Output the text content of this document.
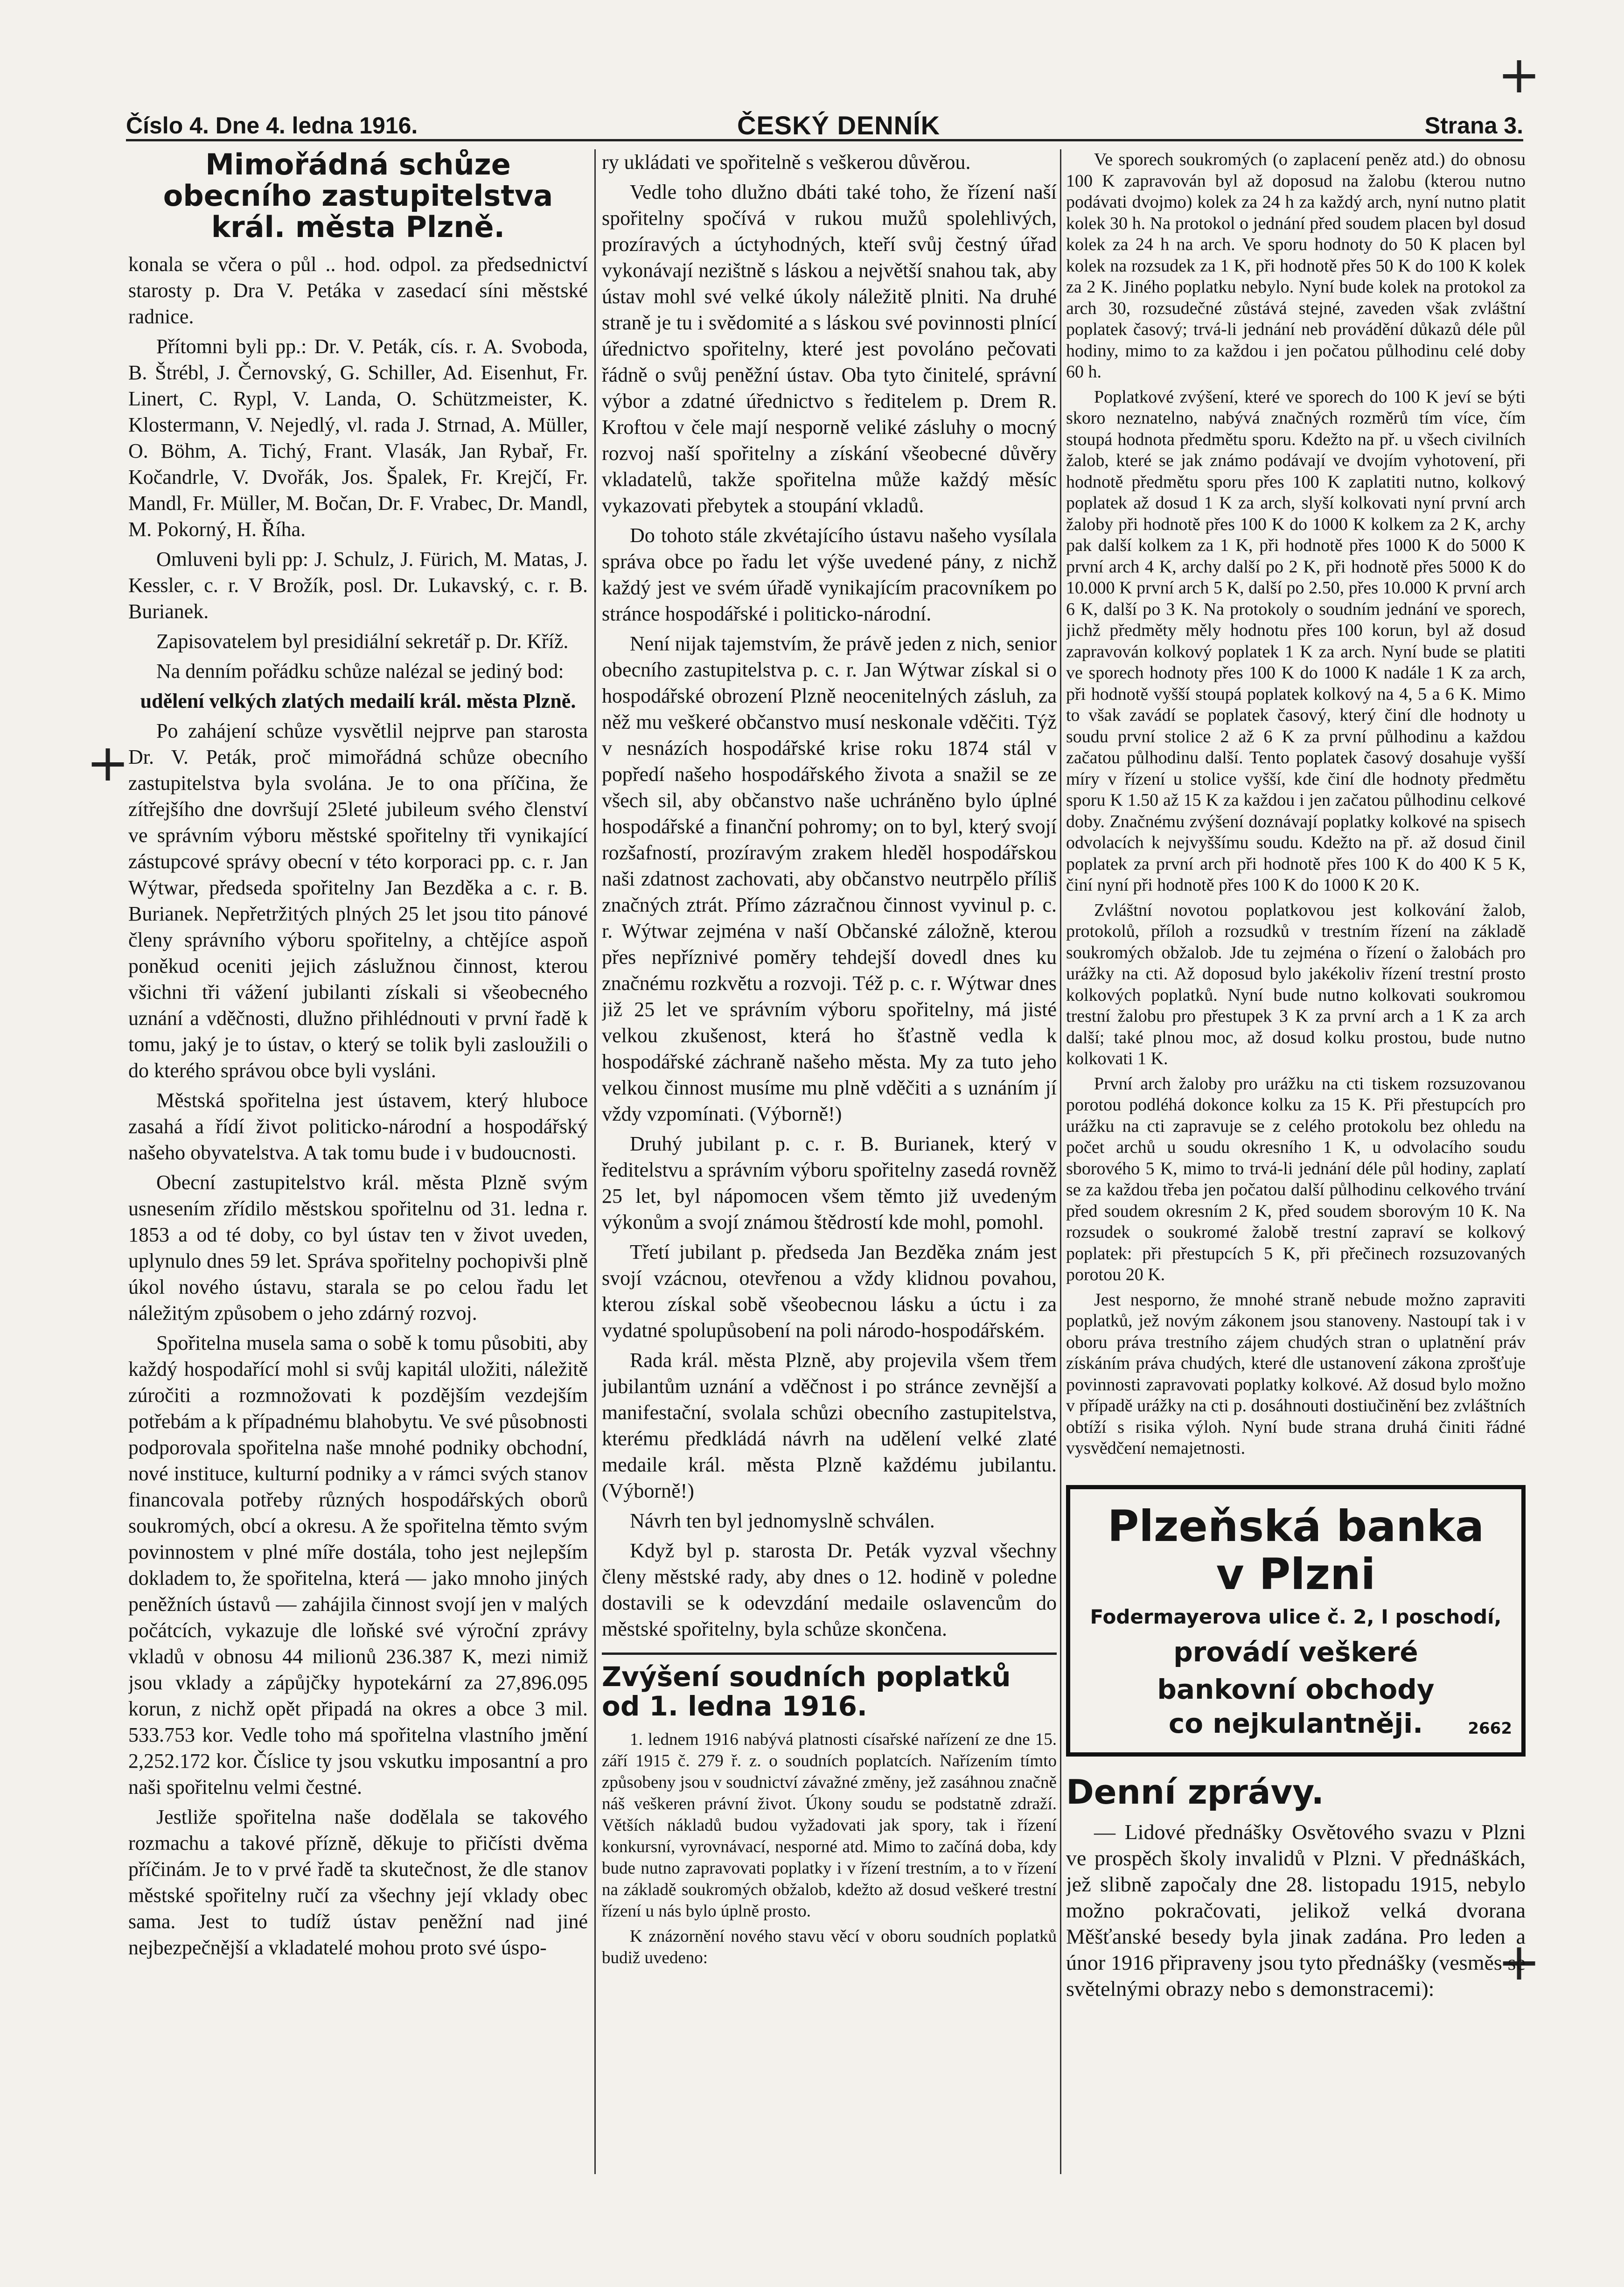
+
+
+
Číslo 4. Dne 4. ledna 1916.	ČESKÝ DENNÍK	Strana 3.
Mimořádná schůze obecního zastupitelstva král. města Plzně.

konala se včera o půl .. hod. odpol. za předsednictví starosty p. Dra V. Petáka v zasedací síni městské radnice.

Přítomni byli pp.: Dr. V. Peták, cís. r. A. Svoboda, B. Štrébl, J. Černovský, G. Schiller, Ad. Eisenhut, Fr. Linert, C. Rypl, V. Landa, O. Schützmeister, K. Klostermann, V. Nejedlý, vl. rada J. Strnad, A. Müller, O. Böhm, A. Tichý, Frant. Vlasák, Jan Rybař, Fr. Kočandrle, V. Dvořák, Jos. Špalek, Fr. Krejčí, Fr. Mandl, Fr. Müller, M. Bočan, Dr. F. Vrabec, Dr. Mandl, M. Pokorný, H. Říha.

Omluveni byli pp: J. Schulz, J. Fürich, M. Matas, J. Kessler, c. r. V Brožík, posl. Dr. Lukavský, c. r. B. Burianek.

Zapisovatelem byl presidiální sekretář p. Dr. Kříž.

Na denním pořádku schůze nalézal se jediný bod:

udělení velkých zlatých medailí král. města Plzně.

Po zahájení schůze vysvětlil nejprve pan starosta Dr. V. Peták, proč mimořádná schůze obecního zastupitelstva byla svolána. Je to ona příčina, že zítřejšího dne dovršují 25leté jubileum svého členství ve správním výboru městské spořitelny tři vynikající zástupcové správy obecní v této korporaci pp. c. r. Jan Wýtwar, předseda spořitelny Jan Bezděka a c. r. B. Burianek. Nepřetržitých plných 25 let jsou tito pánové členy správního výboru spořitelny, a chtějíce aspoň poněkud oceniti jejich záslužnou činnost, kterou všichni tři vážení jubilanti získali si všeobecného uznání a vděčnosti, dlužno přihlédnouti v první řadě k tomu, jaký je to ústav, o který se tolik byli zasloužili o do kterého správou obce byli vysláni.

Městská spořitelna jest ústavem, který hluboce zasahá a řídí život politicko-národní a hospodářský našeho obyvatelstva. A tak tomu bude i v budoucnosti.

Obecní zastupitelstvo král. města Plzně svým usnesením zřídilo městskou spořitelnu od 31. ledna r. 1853 a od té doby, co byl ústav ten v život uveden, uplynulo dnes 59 let. Správa spořitelny pochopivši plně úkol nového ústavu, starala se po celou řadu let náležitým způsobem o jeho zdárný rozvoj.

Spořitelna musela sama o sobě k tomu působiti, aby každý hospodařící mohl si svůj kapitál uložiti, náležitě zúročiti a rozmnožovati k pozdějším vezdejším potřebám a k případnému blahobytu. Ve své působnosti podporovala spořitelna naše mnohé podniky obchodní, nové instituce, kulturní podniky a v rámci svých stanov financovala potřeby různých hospodářských oborů soukromých, obcí a okresu. A že spořitelna těmto svým povinnostem v plné míře dostála, toho jest nejlepším dokladem to, že spořitelna, která — jako mnoho jiných peněžních ústavů — zahájila činnost svojí jen v malých počátcích, vykazuje dle loňské své výroční zprávy vkladů v obnosu 44 milionů 236.387 K, mezi nimiž jsou vklady a zápůjčky hypotekární za 27,896.095 korun, z nichž opět připadá na okres a obce 3 mil. 533.753 kor. Vedle toho má spořitelna vlastního jmění 2,252.172 kor. Číslice ty jsou vskutku imposantní a pro naši spořitelnu velmi čestné.

Jestliže spořitelna naše dodělala se takového rozmachu a takové přízně, děkuje to přičísti dvěma příčinám. Je to v prvé řadě ta skutečnost, že dle stanov městské spořitelny ručí za všechny její vklady obec sama. Jest to tudíž ústav peněžní nad jiné nejbezpečnější a vkladatelé mohou proto své úspo-

ry ukládati ve spořitelně s veškerou důvěrou.

Vedle toho dlužno dbáti také toho, že řízení naší spořitelny spočívá v rukou mužů spolehlivých, prozíravých a úctyhodných, kteří svůj čestný úřad vykonávají nezištně s láskou a největší snahou tak, aby ústav mohl své velké úkoly náležitě plniti. Na druhé straně je tu i svědomité a s láskou své povinnosti plnící úřednictvo spořitelny, které jest povoláno pečovati řádně o svůj peněžní ústav. Oba tyto činitelé, správní výbor a zdatné úřednictvo s ředitelem p. Drem R. Kroftou v čele mají nesporně veliké zásluhy o mocný rozvoj naší spořitelny a získání všeobecné důvěry vkladatelů, takže spořitelna může každý měsíc vykazovati přebytek a stoupání vkladů.

Do tohoto stále zkvétajícího ústavu našeho vysílala správa obce po řadu let výše uvedené pány, z nichž každý jest ve svém úřadě vynikajícím pracovníkem po stránce hospodářské i politicko-národní.

Není nijak tajemstvím, že právě jeden z nich, senior obecního zastupitelstva p. c. r. Jan Wýtwar získal si o hospodářské obrození Plzně neocenitelných zásluh, za něž mu veškeré občanstvo musí neskonale vděčiti. Týž v nesnázích hospodářské krise roku 1874 stál v popředí našeho hospodářského života a snažil se ze všech sil, aby občanstvo naše uchráněno bylo úplné hospodářské a finanční pohromy; on to byl, který svojí rozšafností, prozíravým zrakem hleděl hospodářskou naši zdatnost zachovati, aby občanstvo neutrpělo příliš značných ztrát. Přímo zázračnou činnost vyvinul p. c. r. Wýtwar zejména v naší Občanské záložně, kterou přes nepříznivé poměry tehdejší dovedl dnes ku značnému rozkvětu a rozvoji. Též p. c. r. Wýtwar dnes již 25 let ve správním výboru spořitelny, má jisté velkou zkušenost, která ho šťastně vedla k hospodářské záchraně našeho města. My za tuto jeho velkou činnost musíme mu plně vděčiti a s uznáním jí vždy vzpomínati. (Výborně!)

Druhý jubilant p. c. r. B. Burianek, který v ředitelstvu a správním výboru spořitelny zasedá rovněž 25 let, byl nápomocen všem těmto již uvedeným výkonům a svojí známou štědrostí kde mohl, pomohl.

Třetí jubilant p. předseda Jan Bezděka znám jest svojí vzácnou, otevřenou a vždy klidnou povahou, kterou získal sobě všeobecnou lásku a úctu i za vydatné spolupůsobení na poli národo-hospodářském.

Rada král. města Plzně, aby projevila všem třem jubilantům uznání a vděčnost i po stránce zevnější a manifestační, svolala schůzi obecního zastupitelstva, kterému předkládá návrh na udělení velké zlaté medaile král. města Plzně každému jubilantu. (Výborně!)

Návrh ten byl jednomyslně schválen.

Když byl p. starosta Dr. Peták vyzval všechny členy městské rady, aby dnes o 12. hodině v poledne dostavili se k odevzdání medaile oslavencům do městské spořitelny, byla schůze skončena.

Zvýšení soudních poplatků od 1. ledna 1916.

1. lednem 1916 nabývá platnosti císařské nařízení ze dne 15. září 1915 č. 279 ř. z. o soudních poplatcích. Nařízením tímto způsobeny jsou v soudnictví závažné změny, jež zasáhnou značně náš veškeren právní život. Úkony soudu se podstatně zdraží. Větších nákladů budou vyžadovati jak spory, tak i řízení konkursní, vyrovnávací, nesporné atd. Mimo to začíná doba, kdy bude nutno zapravovati poplatky i v řízení trestním, a to v řízení na základě soukromých obžalob, kdežto až dosud veškeré trestní řízení u nás bylo úplně prosto.

K znázornění nového stavu věcí v oboru soudních poplatků budiž uvedeno:

Ve sporech soukromých (o zaplacení peněz atd.) do obnosu 100 K zapravován byl až doposud na žalobu (kterou nutno podávati dvojmo) kolek za 24 h za každý arch, nyní nutno platit kolek 30 h. Na protokol o jednání před soudem placen byl dosud kolek za 24 h na arch. Ve sporu hodnoty do 50 K placen byl kolek na rozsudek za 1 K, při hodnotě přes 50 K do 100 K kolek za 2 K. Jiného poplatku nebylo. Nyní bude kolek na protokol za arch 30, rozsudečné zůstává stejné, zaveden však zvláštní poplatek časový; trvá-li jednání neb provádění důkazů déle půl hodiny, mimo to za každou i jen počatou půlhodinu celé doby 60 h.

Poplatkové zvýšení, které ve sporech do 100 K jeví se býti skoro neznatelno, nabývá značných rozměrů tím více, čím stoupá hodnota předmětu sporu. Kdežto na př. u všech civilních žalob, které se jak známo podávají ve dvojím vyhotovení, při hodnotě předmětu sporu přes 100 K zaplatiti nutno, kolkový poplatek až dosud 1 K za arch, slyší kolkovati nyní první arch žaloby při hodnotě přes 100 K do 1000 K kolkem za 2 K, archy pak další kolkem za 1 K, při hodnotě přes 1000 K do 5000 K první arch 4 K, archy další po 2 K, při hodnotě přes 5000 K do 10.000 K první arch 5 K, další po 2.50, přes 10.000 K první arch 6 K, další po 3 K. Na protokoly o soudním jednání ve sporech, jichž předměty měly hodnotu přes 100 korun, byl až dosud zapravován kolkový poplatek 1 K za arch. Nyní bude se platiti ve sporech hodnoty přes 100 K do 1000 K nadále 1 K za arch, při hodnotě vyšší stoupá poplatek kolkový na 4, 5 a 6 K. Mimo to však zavádí se poplatek časový, který činí dle hodnoty u soudu první stolice 2 až 6 K za první půlhodinu a každou začatou půlhodinu další. Tento poplatek časový dosahuje vyšší míry v řízení u stolice vyšší, kde činí dle hodnoty předmětu sporu K 1.50 až 15 K za každou i jen začatou půlhodinu celkové doby. Značnému zvýšení doznávají poplatky kolkové na spisech odvolacích k nejvyššímu soudu. Kdežto na př. až dosud činil poplatek za první arch při hodnotě přes 100 K do 400 K 5 K, činí nyní při hodnotě přes 100 K do 1000 K 20 K.

Zvláštní novotou poplatkovou jest kolkování žalob, protokolů, příloh a rozsudků v trestním řízení na základě soukromých obžalob. Jde tu zejména o řízení o žalobách pro urážky na cti. Až doposud bylo jakékoliv řízení trestní prosto kolkových poplatků. Nyní bude nutno kolkovati soukromou trestní žalobu pro přestupek 3 K za první arch a 1 K za arch další; také plnou moc, až dosud kolku prostou, bude nutno kolkovati 1 K.

První arch žaloby pro urážku na cti tiskem rozsuzovanou porotou podléhá dokonce kolku za 15 K. Při přestupcích pro urážku na cti zapravuje se z celého protokolu bez ohledu na počet archů u soudu okresního 1 K, u odvolacího soudu sborového 5 K, mimo to trvá-li jednání déle půl hodiny, zaplatí se za každou třeba jen počatou další půlhodinu celkového trvání před soudem okresním 2 K, před soudem sborovým 10 K. Na rozsudek o soukromé žalobě trestní zapraví se kolkový poplatek: při přestupcích 5 K, při přečinech rozsuzovaných porotou 20 K.

Jest nesporno, že mnohé straně nebude možno zapraviti poplatků, jež novým zákonem jsou stanoveny. Nastoupí tak i v oboru práva trestního zájem chudých stran o uplatnění práv získáním práva chudých, které dle ustanovení zákona zprošťuje povinnosti zapravovati poplatky kolkové. Až dosud bylo možno v případě urážky na cti p. dosáhnouti dostiučinění bez zvláštních obtíží s risika výloh. Nyní bude strana druhá činiti řádné vysvědčení nemajetnosti.

Plzeňská banka
v Plzni
Fodermayerova ulice č. 2, I poschodí,
provádí veškeré
bankovní obchody
co nejkulantněji.	2662
Denní zprávy.

— Lidové přednášky Osvětového svazu v Plzni ve prospěch školy invalidů v Plzni. V přednáškách, jež slibně započaly dne 28. listopadu 1915, nebylo možno pokračovati, jelikož velká dvorana Měšťanské besedy byla jinak zadána. Pro leden a únor 1916 připraveny jsou tyto přednášky (vesměs se světelnými obrazy nebo s demonstracemi):
